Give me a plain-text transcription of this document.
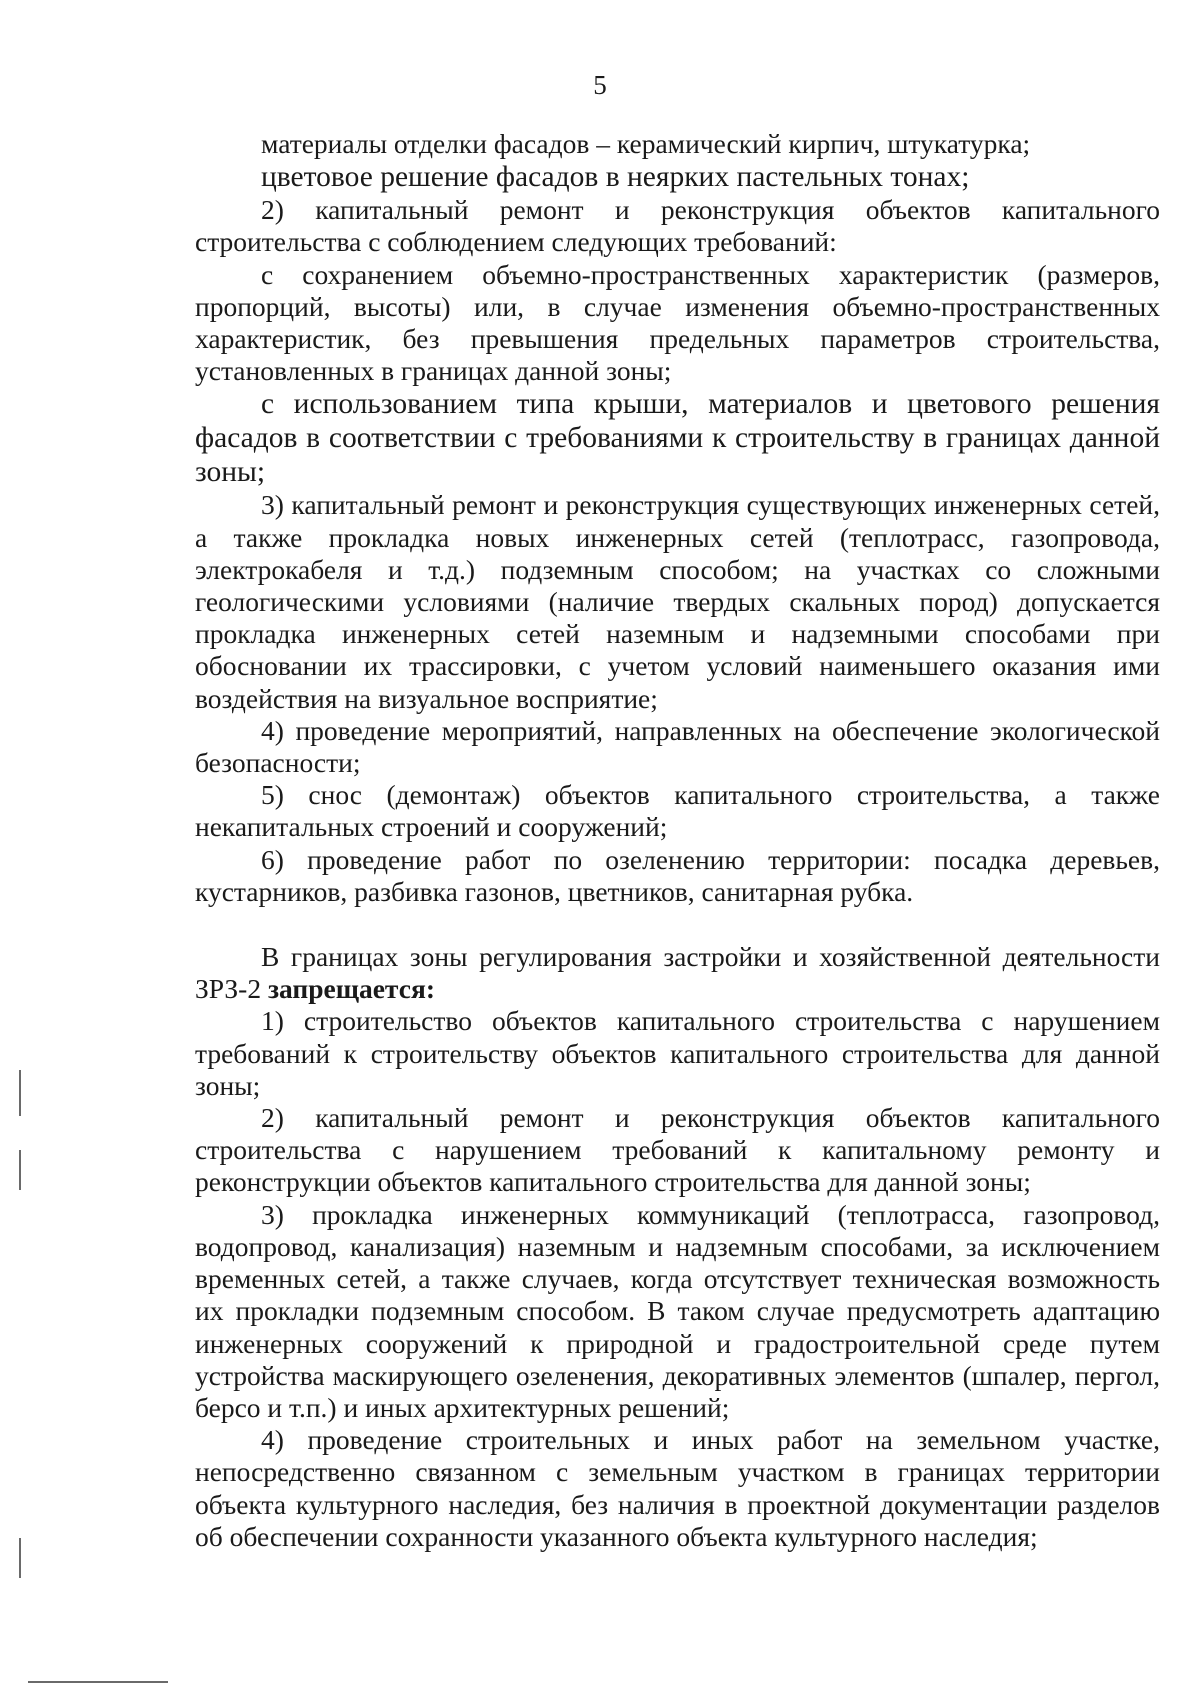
5

материалы отделки фасадов – керамический кирпич, штукатурка;

цветовое решение фасадов в неярких пастельных тонах;

2) капитальный ремонт и реконструкция объектов капитального строительства с соблюдением следующих требований:

с сохранением объемно-пространственных характеристик (размеров, пропорций, высоты) или, в случае изменения объемно-пространственных характеристик, без превышения предельных параметров строительства, установленных в границах данной зоны;

с использованием типа крыши, материалов и цветового решения фасадов в соответствии с требованиями к строительству в границах данной зоны;

3) капитальный ремонт и реконструкция существующих инженерных сетей, а также прокладка новых инженерных сетей (теплотрасс, газопровода, электрокабеля и т.д.) подземным способом; на участках со сложными геологическими условиями (наличие твердых скальных пород) допускается прокладка инженерных сетей наземным и надземными способами при обосновании их трассировки, с учетом условий наименьшего оказания ими воздействия на визуальное восприятие;

4) проведение мероприятий, направленных на обеспечение экологической безопасности;

5) снос (демонтаж) объектов капитального строительства, а также некапитальных строений и сооружений;

6) проведение работ по озеленению территории: посадка деревьев, кустарников, разбивка газонов, цветников, санитарная рубка.

В границах зоны регулирования застройки и хозяйственной деятельности ЗРЗ-2 запрещается:

1) строительство объектов капитального строительства с нарушением требований к строительству объектов капитального строительства для данной зоны;

2) капитальный ремонт и реконструкция объектов капитального строительства с нарушением требований к капитальному ремонту и реконструкции объектов капитального строительства для данной зоны;

3) прокладка инженерных коммуникаций (теплотрасса, газопровод, водопровод, канализация) наземным и надземным способами, за исключением временных сетей, а также случаев, когда отсутствует техническая возможность их прокладки подземным способом. В таком случае предусмотреть адаптацию инженерных сооружений к природной и градостроительной среде путем устройства маскирующего озеленения, декоративных элементов (шпалер, пергол, берсо и т.п.) и иных архитектурных решений;

4) проведение строительных и иных работ на земельном участке, непосредственно связанном с земельным участком в границах территории объекта культурного наследия, без наличия в проектной документации разделов об обеспечении сохранности указанного объекта культурного наследия;
